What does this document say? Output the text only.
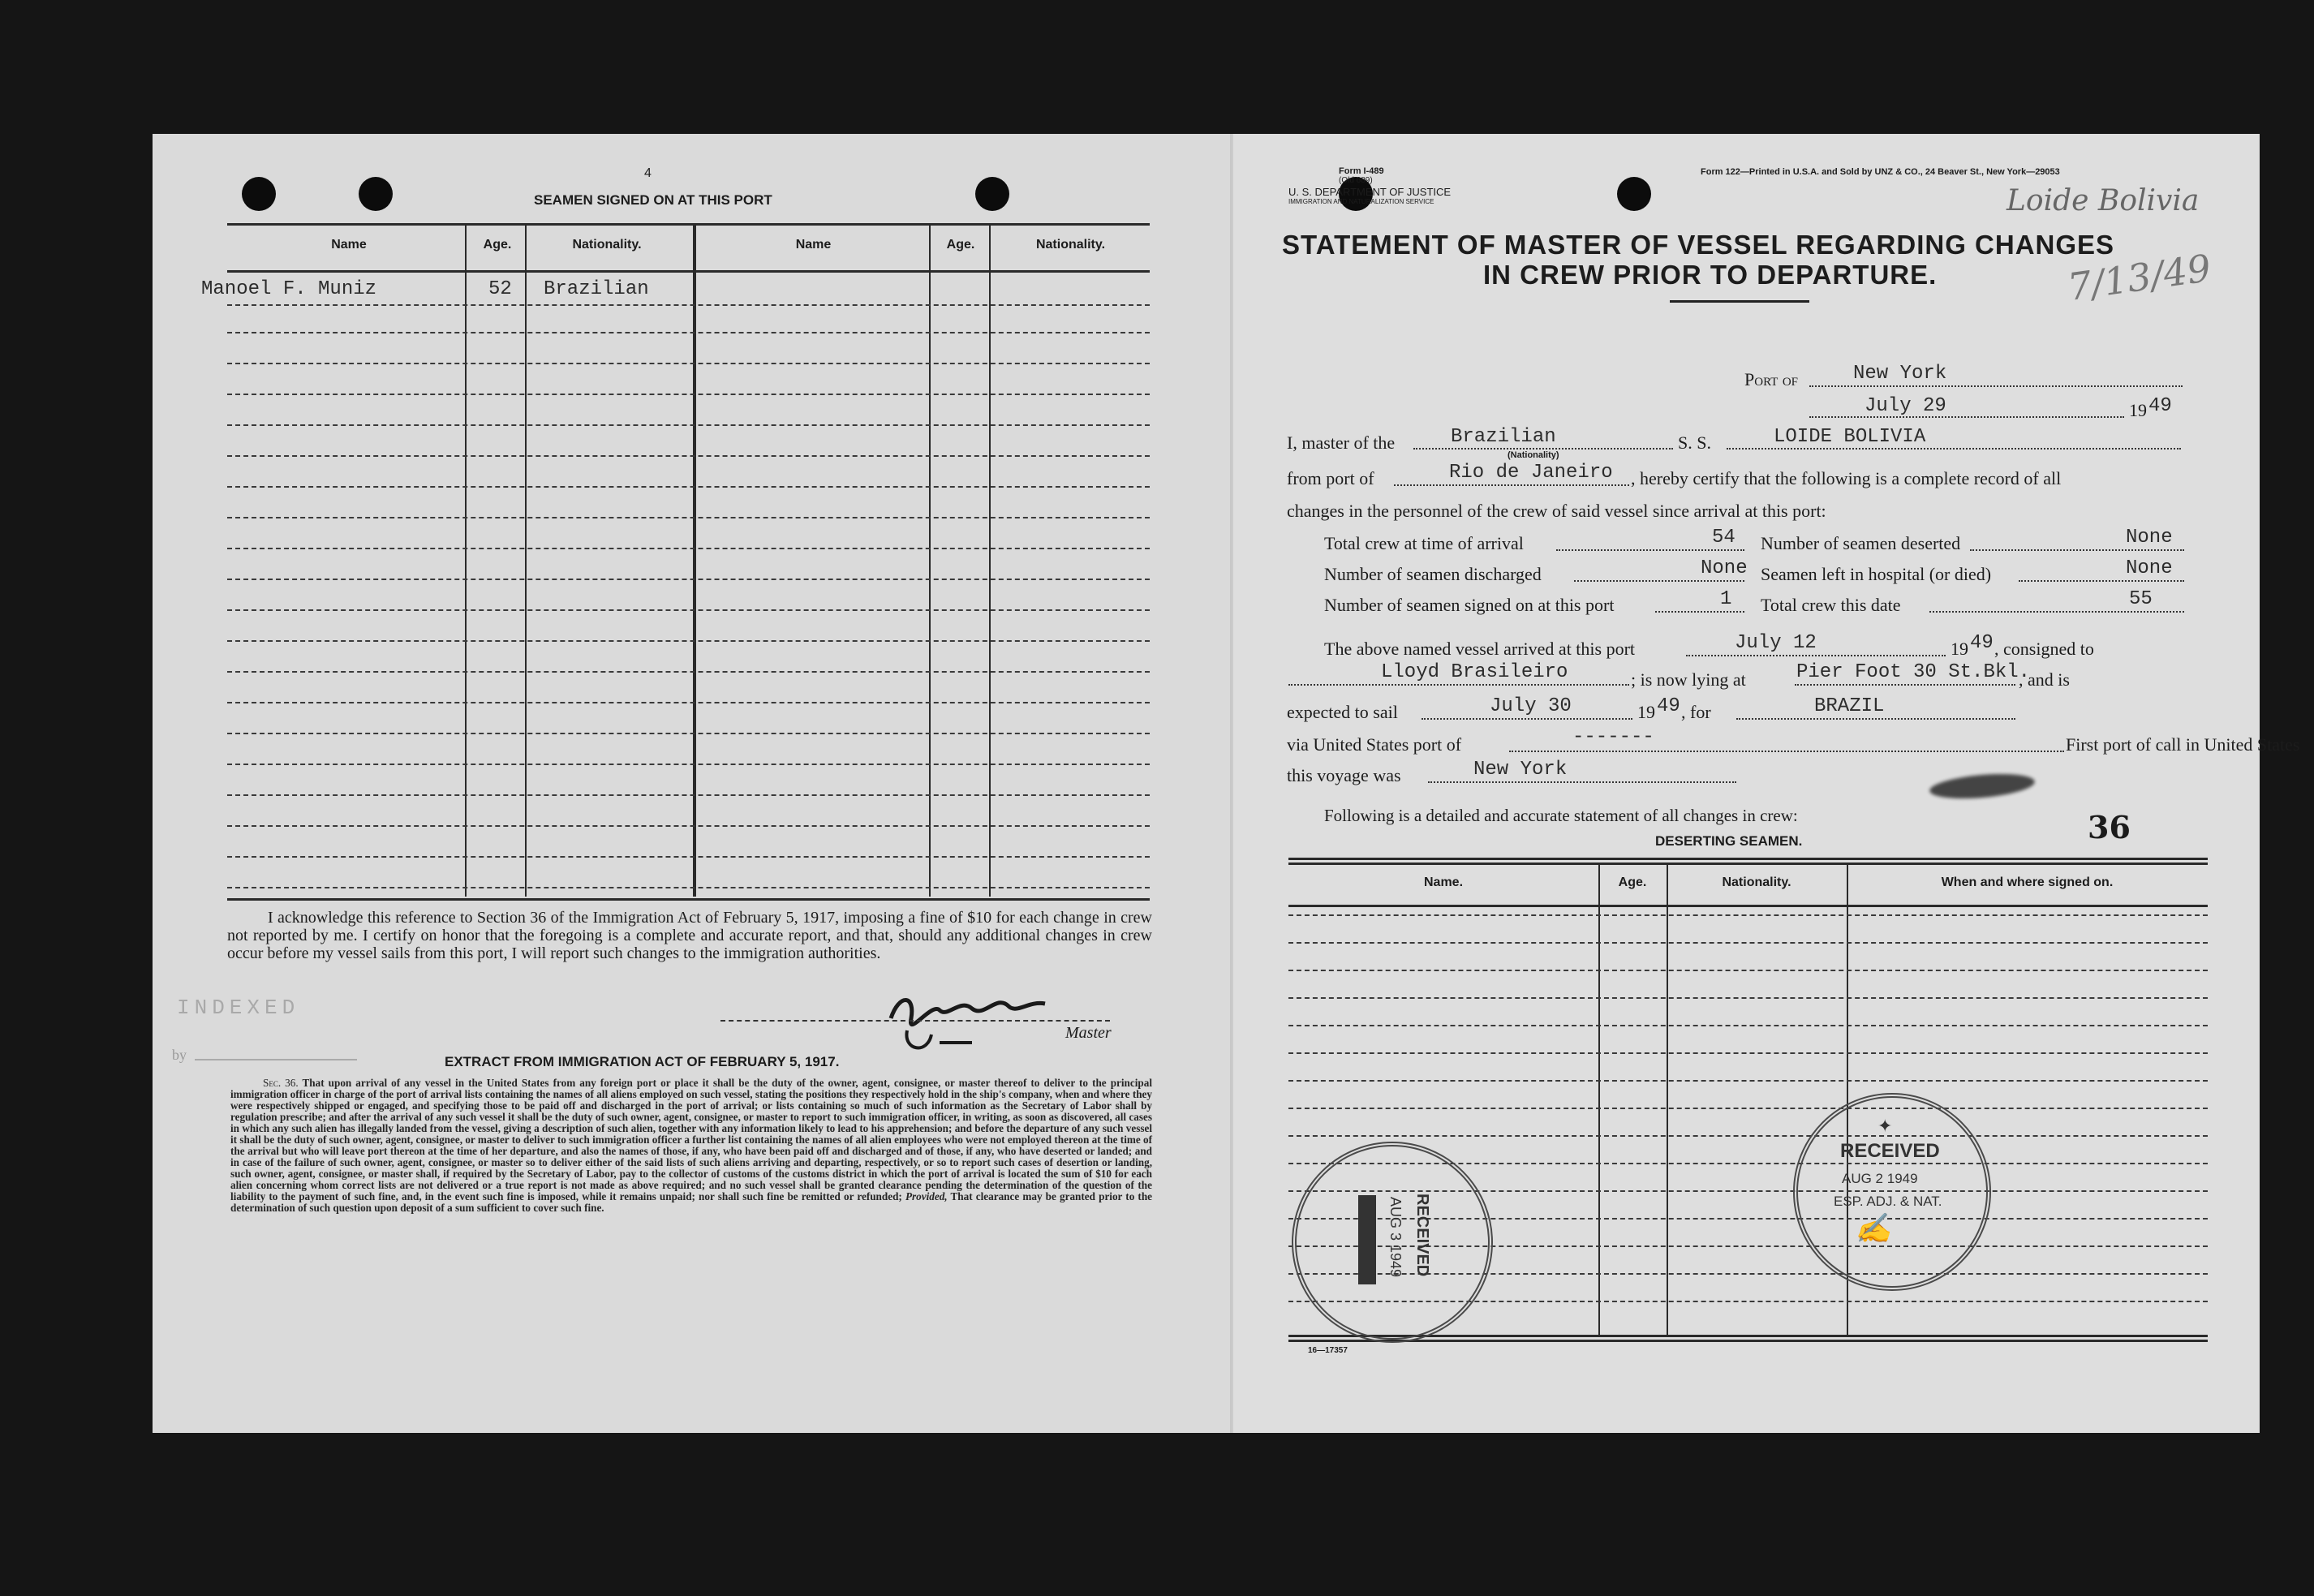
4
SEAMEN SIGNED ON AT THIS PORT
Name	Age.	Nationality.	Name	Age.	Nationality.
Manoel F. Muniz	52 Brazilian
I acknowledge this reference to Section 36 of the Immigration Act of February 5, 1917, imposing a fine of $10 for each change in crew not reported by me. I certify on honor that the foregoing is a complete and accurate report, and that, should any additional changes in crew occur before my vessel sails from this port, I will report such changes to the immigration authorities.
INDEXED
by
Master
EXTRACT FROM IMMIGRATION ACT OF FEBRUARY 5, 1917.
Sec. 36. That upon arrival of any vessel in the United States from any foreign port or place it shall be the duty of the owner, agent, consignee, or master thereof to deliver to the principal immigration officer in charge of the port of arrival lists containing the names of all aliens employed on such vessel, stating the positions they respectively hold in the ship's company, when and where they were respectively shipped or engaged, and specifying those to be paid off and discharged in the port of arrival; or lists containing so much of such information as the Secretary of Labor shall by regulation prescribe; and after the arrival of any such vessel it shall be the duty of such owner, agent, consignee, or master to report to such immigration officer, in writing, as soon as discovered, all cases in which any such alien has illegally landed from the vessel, giving a description of such alien, together with any information likely to lead to his apprehension; and before the departure of any such vessel it shall be the duty of such owner, agent, consignee, or master to deliver to such immigration officer a further list containing the names of all alien employees who were not employed thereon at the time of the arrival but who will leave port thereon at the time of her departure, and also the names of those, if any, who have been paid off and discharged and of those, if any, who have deserted or landed; and in case of the failure of such owner, agent, consignee, or master so to deliver either of the said lists of such aliens arriving and departing, respectively, or so to report such cases of desertion or landing, such owner, agent, consignee, or master shall, if required by the Secretary of Labor, pay to the collector of customs of the customs district in which the port of arrival is located the sum of $10 for each alien concerning whom correct lists are not delivered or a true report is not made as above required; and no such vessel shall be granted clearance pending the determination of the question of the liability to the payment of such fine, and, in the event such fine is imposed, while it remains unpaid; nor shall such fine be remitted or refunded; Provided, That clearance may be granted prior to the determination of such question upon deposit of a sum sufficient to cover such fine.
Form I-489
(Old 689)
U. S. DEPARTMENT OF JUSTICE
IMMIGRATION AND NATURALIZATION SERVICE
Form 122—Printed in U.S.A. and Sold by UNZ & CO., 24 Beaver St., New York—29053
Loide Bolivia
7/13/49
STATEMENT OF MASTER OF VESSEL REGARDING CHANGES
IN CREW PRIOR TO DEPARTURE.
Port of	New York
July 29	19 49
I, master of the	Brazilian
(Nationality)
S. S.	LOIDE BOLIVIA
from port of	Rio de Janeiro , hereby certify that the following is a complete record of all
changes in the personnel of the crew of said vessel since arrival at this port:
Total crew at time of arrival	54 Number of seamen deserted	None
Number of seamen discharged	None Seamen left in hospital (or died)	None
Number of seamen signed on at this port	1 Total crew this date	55
The above named vessel arrived at this port	July 12	19 49 , consigned to
Lloyd Brasileiro	; is now lying at	Pier Foot 30 St.Bkl.
, and is
expected to sail	July 30	19 49 , for	BRAZIL
via United States port of	-------	First port of call in United States
this voyage was	New York
Following is a detailed and accurate statement of all changes in crew:	36
DESERTING SEAMEN.
Name.	Age.	Nationality.	When and where signed on.
16—17357
✦
RECEIVED
AUG 2 1949
ESP. ADJ. & NAT.
✍
RECEIVED
AUG 3 1949
